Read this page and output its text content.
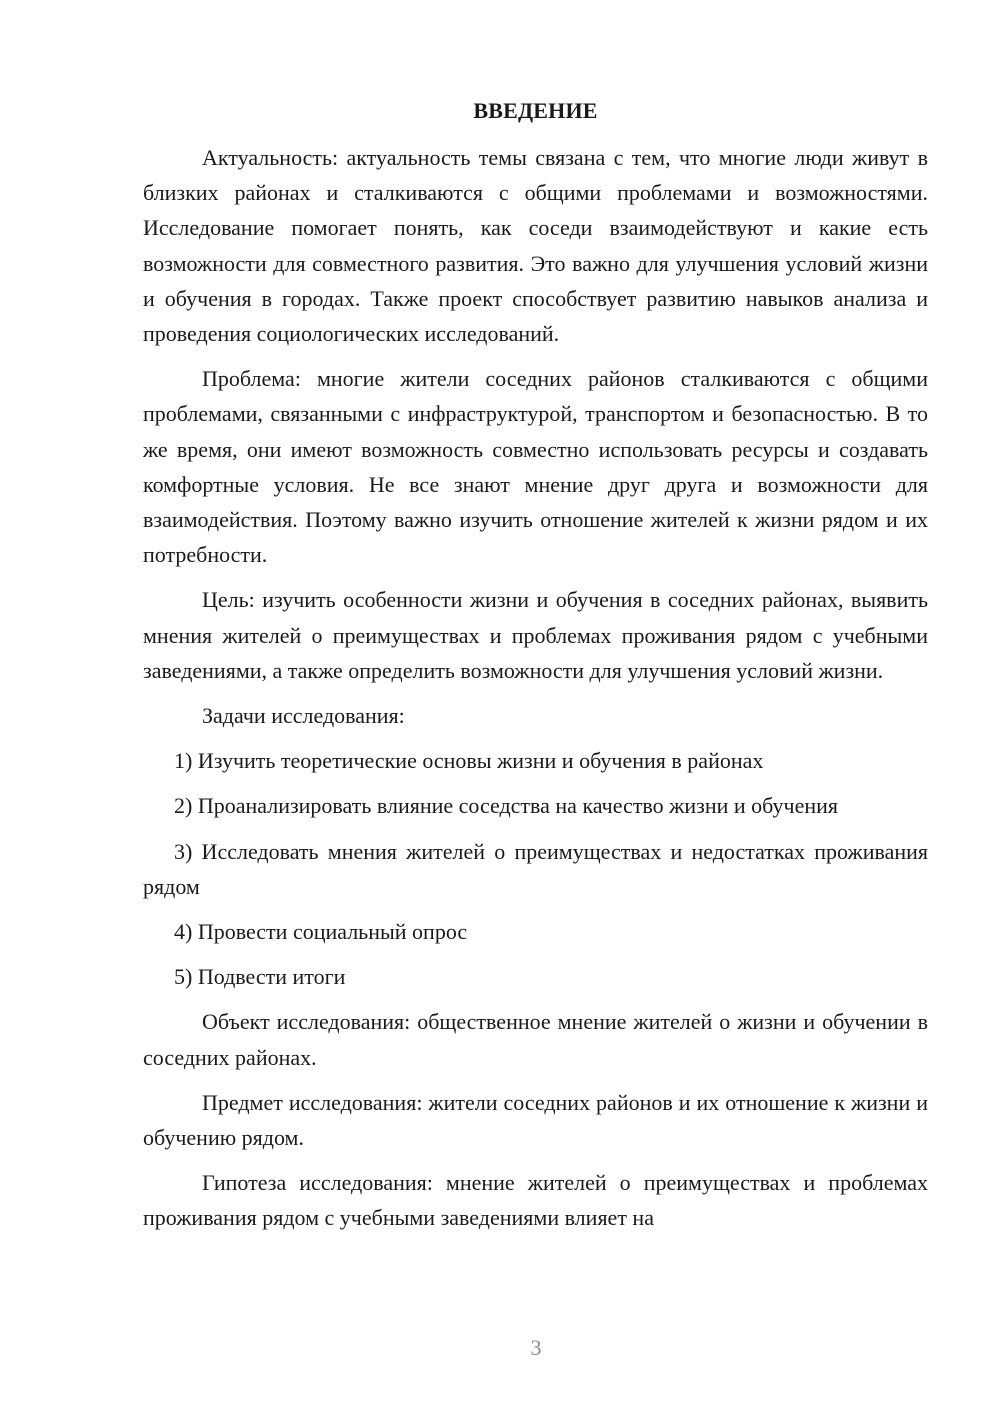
ВВЕДЕНИЕ

Актуальность: актуальность темы связана с тем, что многие люди живут в близких районах и сталкиваются с общими проблемами и возможностями. Исследование помогает понять, как соседи взаимодействуют и какие есть возможности для совместного развития. Это важно для улучшения условий жизни и обучения в городах. Также проект способствует развитию навыков анализа и проведения социологических исследований.

Проблема: многие жители соседних районов сталкиваются с общими проблемами, связанными с инфраструктурой, транспортом и безопасностью. В то же время, они имеют возможность совместно использовать ресурсы и создавать комфортные условия. Не все знают мнение друг друга и возможности для взаимодействия. Поэтому важно изучить отношение жителей к жизни рядом и их потребности.

Цель: изучить особенности жизни и обучения в соседних районах, выявить мнения жителей о преимуществах и проблемах проживания рядом с учебными заведениями, а также определить возможности для улучшения условий жизни.

Задачи исследования:

1) Изучить теоретические основы жизни и обучения в районах

2) Проанализировать влияние соседства на качество жизни и обучения

3) Исследовать мнения жителей о преимуществах и недостатках проживания рядом

4) Провести социальный опрос

5) Подвести итоги

Объект исследования: общественное мнение жителей о жизни и обучении в соседних районах.

Предмет исследования: жители соседних районов и их отношение к жизни и обучению рядом.

Гипотеза исследования: мнение жителей о преимуществах и проблемах проживания рядом с учебными заведениями влияет на

3
